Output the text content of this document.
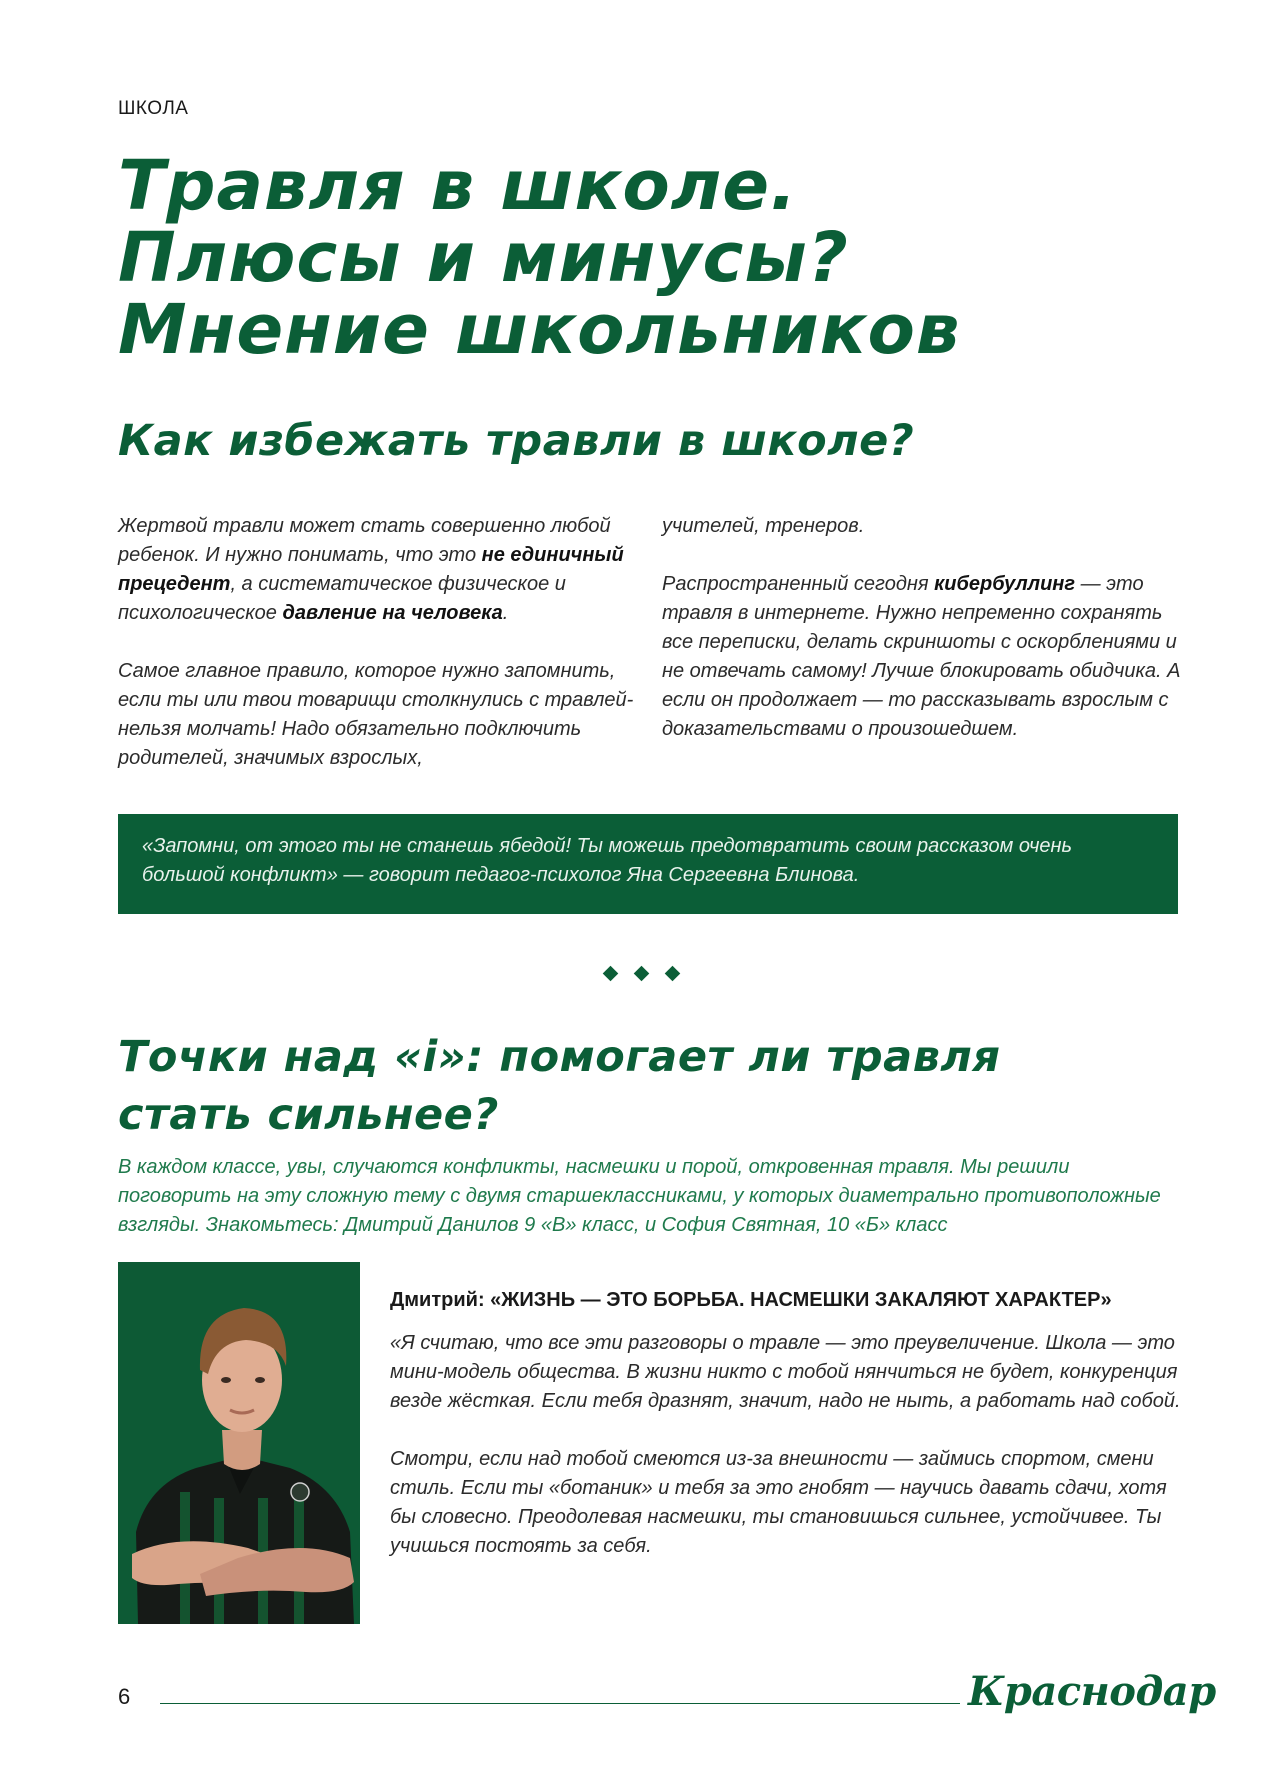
ШКОЛА
Травля в школе.
Плюсы и минусы?
Мнение школьников
Как избежать травли в школе?

Жертвой травли может стать совершенно любой ребенок. И нужно понимать, что это не единичный прецедент, а систематическое физическое и психологическое давление на человека.

Самое главное правило, которое нужно запомнить, если ты или твои товарищи столкнулись с травлей- нельзя молчать! Надо обязательно подключить родителей, значимых взрослых,

учителей, тренеров.

Распространенный сегодня кибербуллинг — это травля в интернете. Нужно непременно сохранять все переписки, делать скриншоты с оскорблениями и не отвечать самому! Лучше блокировать обидчика. А если он продолжает — то рассказывать взрослым с доказательствами о произошедшем.

«Запомни, от этого ты не станешь ябедой! Ты можешь предотвратить своим рассказом очень большой конфликт» — говорит педагог-психолог Яна Сергеевна Блинова.
Точки над «i»: помогает ли травля
стать сильнее?
В каждом классе, увы, случаются конфликты, насмешки и порой, откровенная травля. Мы решили поговорить на эту сложную тему с двумя старшеклассниками, у которых диаметрально противоположные взгляды. Знакомьтесь: Дмитрий Данилов 9 «В» класс, и София Святная, 10 «Б» класс
Дмитрий: «ЖИЗНЬ — ЭТО БОРЬБА. НАСМЕШКИ ЗАКАЛЯЮТ ХАРАКТЕР»

«Я считаю, что все эти разговоры о травле — это преувеличение. Школа — это мини-модель общества. В жизни никто с тобой нянчиться не будет, конкуренция везде жёсткая. Если тебя дразнят, значит, надо не ныть, а работать над собой.

Смотри, если над тобой смеются из-за внешности — займись спортом, смени стиль. Если ты «ботаник» и тебя за это гнобят — научись давать сдачи, хотя бы словесно. Преодолевая насмешки, ты становишься сильнее, устойчивее. Ты учишься постоять за себя.

6	Краснодар
